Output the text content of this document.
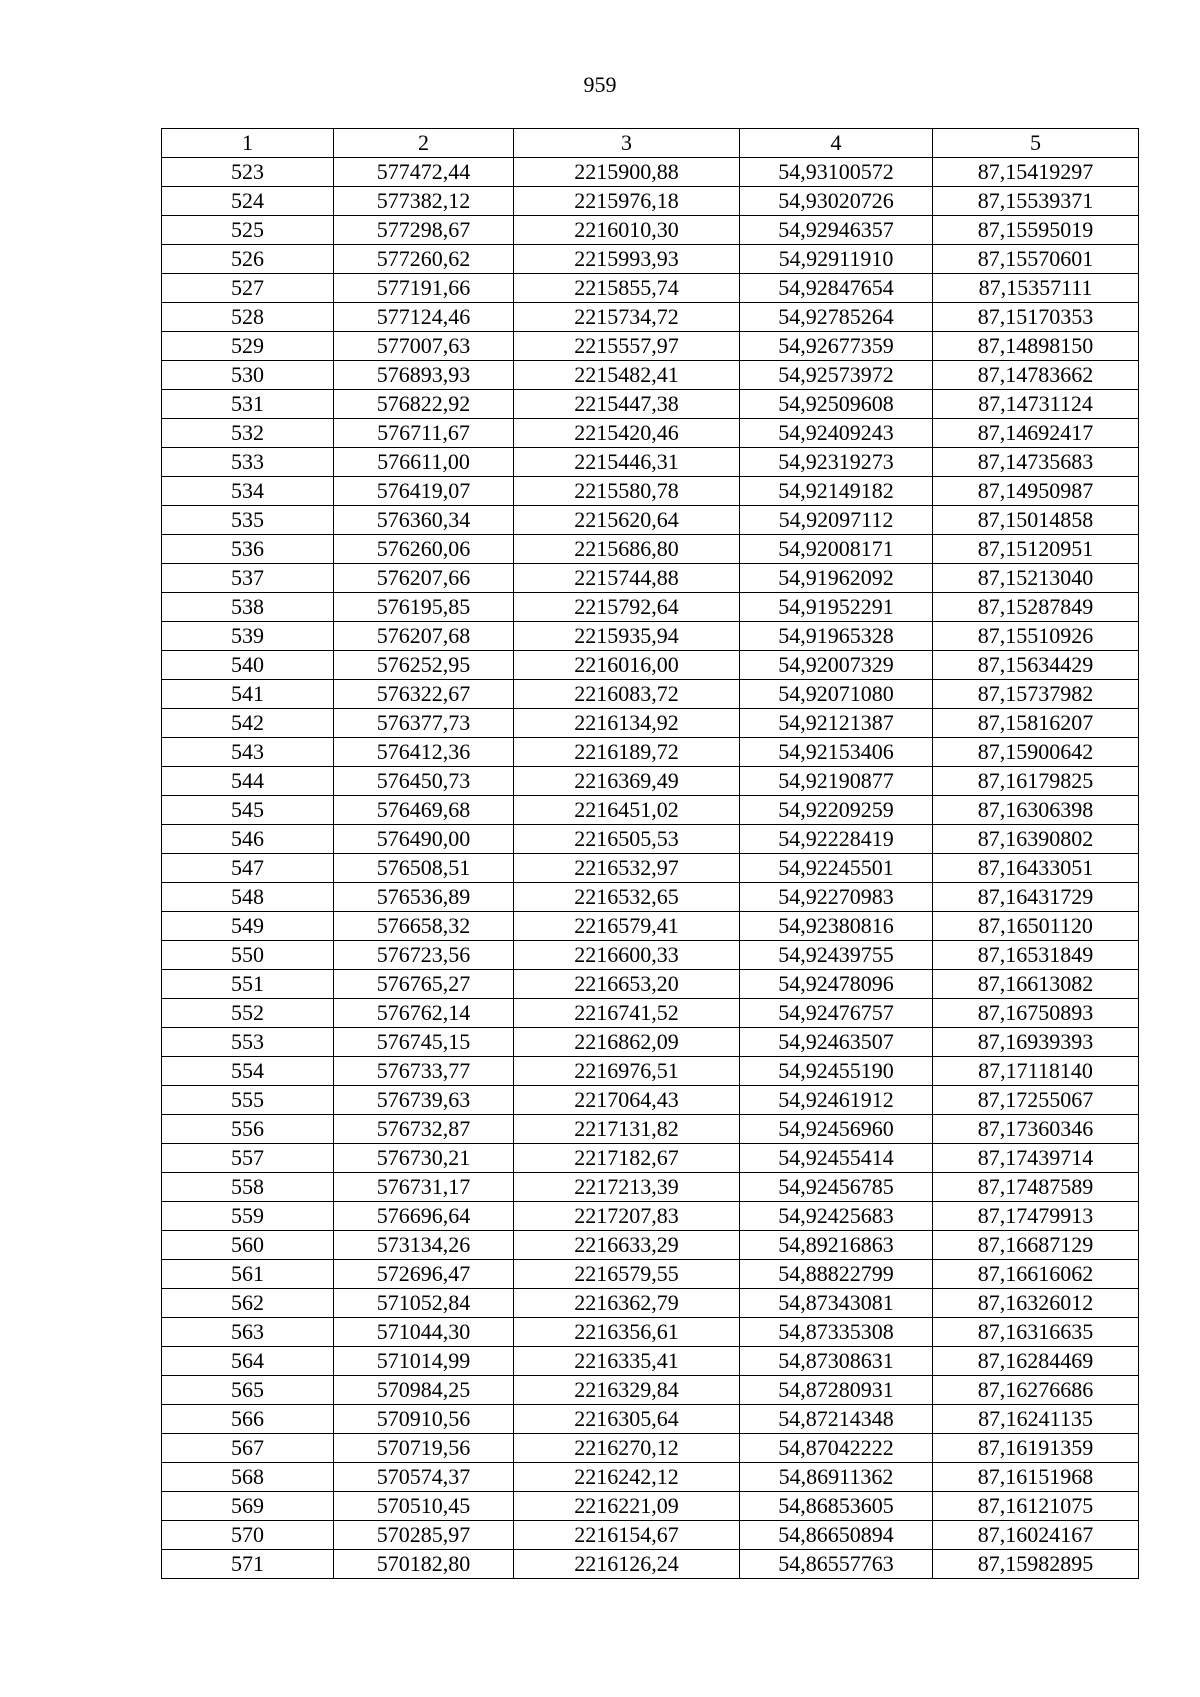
959
1	2	3	4	5
523	577472,44	2215900,88	54,93100572	87,15419297
524	577382,12	2215976,18	54,93020726	87,15539371
525	577298,67	2216010,30	54,92946357	87,15595019
526	577260,62	2215993,93	54,92911910	87,15570601
527	577191,66	2215855,74	54,92847654	87,15357111
528	577124,46	2215734,72	54,92785264	87,15170353
529	577007,63	2215557,97	54,92677359	87,14898150
530	576893,93	2215482,41	54,92573972	87,14783662
531	576822,92	2215447,38	54,92509608	87,14731124
532	576711,67	2215420,46	54,92409243	87,14692417
533	576611,00	2215446,31	54,92319273	87,14735683
534	576419,07	2215580,78	54,92149182	87,14950987
535	576360,34	2215620,64	54,92097112	87,15014858
536	576260,06	2215686,80	54,92008171	87,15120951
537	576207,66	2215744,88	54,91962092	87,15213040
538	576195,85	2215792,64	54,91952291	87,15287849
539	576207,68	2215935,94	54,91965328	87,15510926
540	576252,95	2216016,00	54,92007329	87,15634429
541	576322,67	2216083,72	54,92071080	87,15737982
542	576377,73	2216134,92	54,92121387	87,15816207
543	576412,36	2216189,72	54,92153406	87,15900642
544	576450,73	2216369,49	54,92190877	87,16179825
545	576469,68	2216451,02	54,92209259	87,16306398
546	576490,00	2216505,53	54,92228419	87,16390802
547	576508,51	2216532,97	54,92245501	87,16433051
548	576536,89	2216532,65	54,92270983	87,16431729
549	576658,32	2216579,41	54,92380816	87,16501120
550	576723,56	2216600,33	54,92439755	87,16531849
551	576765,27	2216653,20	54,92478096	87,16613082
552	576762,14	2216741,52	54,92476757	87,16750893
553	576745,15	2216862,09	54,92463507	87,16939393
554	576733,77	2216976,51	54,92455190	87,17118140
555	576739,63	2217064,43	54,92461912	87,17255067
556	576732,87	2217131,82	54,92456960	87,17360346
557	576730,21	2217182,67	54,92455414	87,17439714
558	576731,17	2217213,39	54,92456785	87,17487589
559	576696,64	2217207,83	54,92425683	87,17479913
560	573134,26	2216633,29	54,89216863	87,16687129
561	572696,47	2216579,55	54,88822799	87,16616062
562	571052,84	2216362,79	54,87343081	87,16326012
563	571044,30	2216356,61	54,87335308	87,16316635
564	571014,99	2216335,41	54,87308631	87,16284469
565	570984,25	2216329,84	54,87280931	87,16276686
566	570910,56	2216305,64	54,87214348	87,16241135
567	570719,56	2216270,12	54,87042222	87,16191359
568	570574,37	2216242,12	54,86911362	87,16151968
569	570510,45	2216221,09	54,86853605	87,16121075
570	570285,97	2216154,67	54,86650894	87,16024167
571	570182,80	2216126,24	54,86557763	87,15982895
